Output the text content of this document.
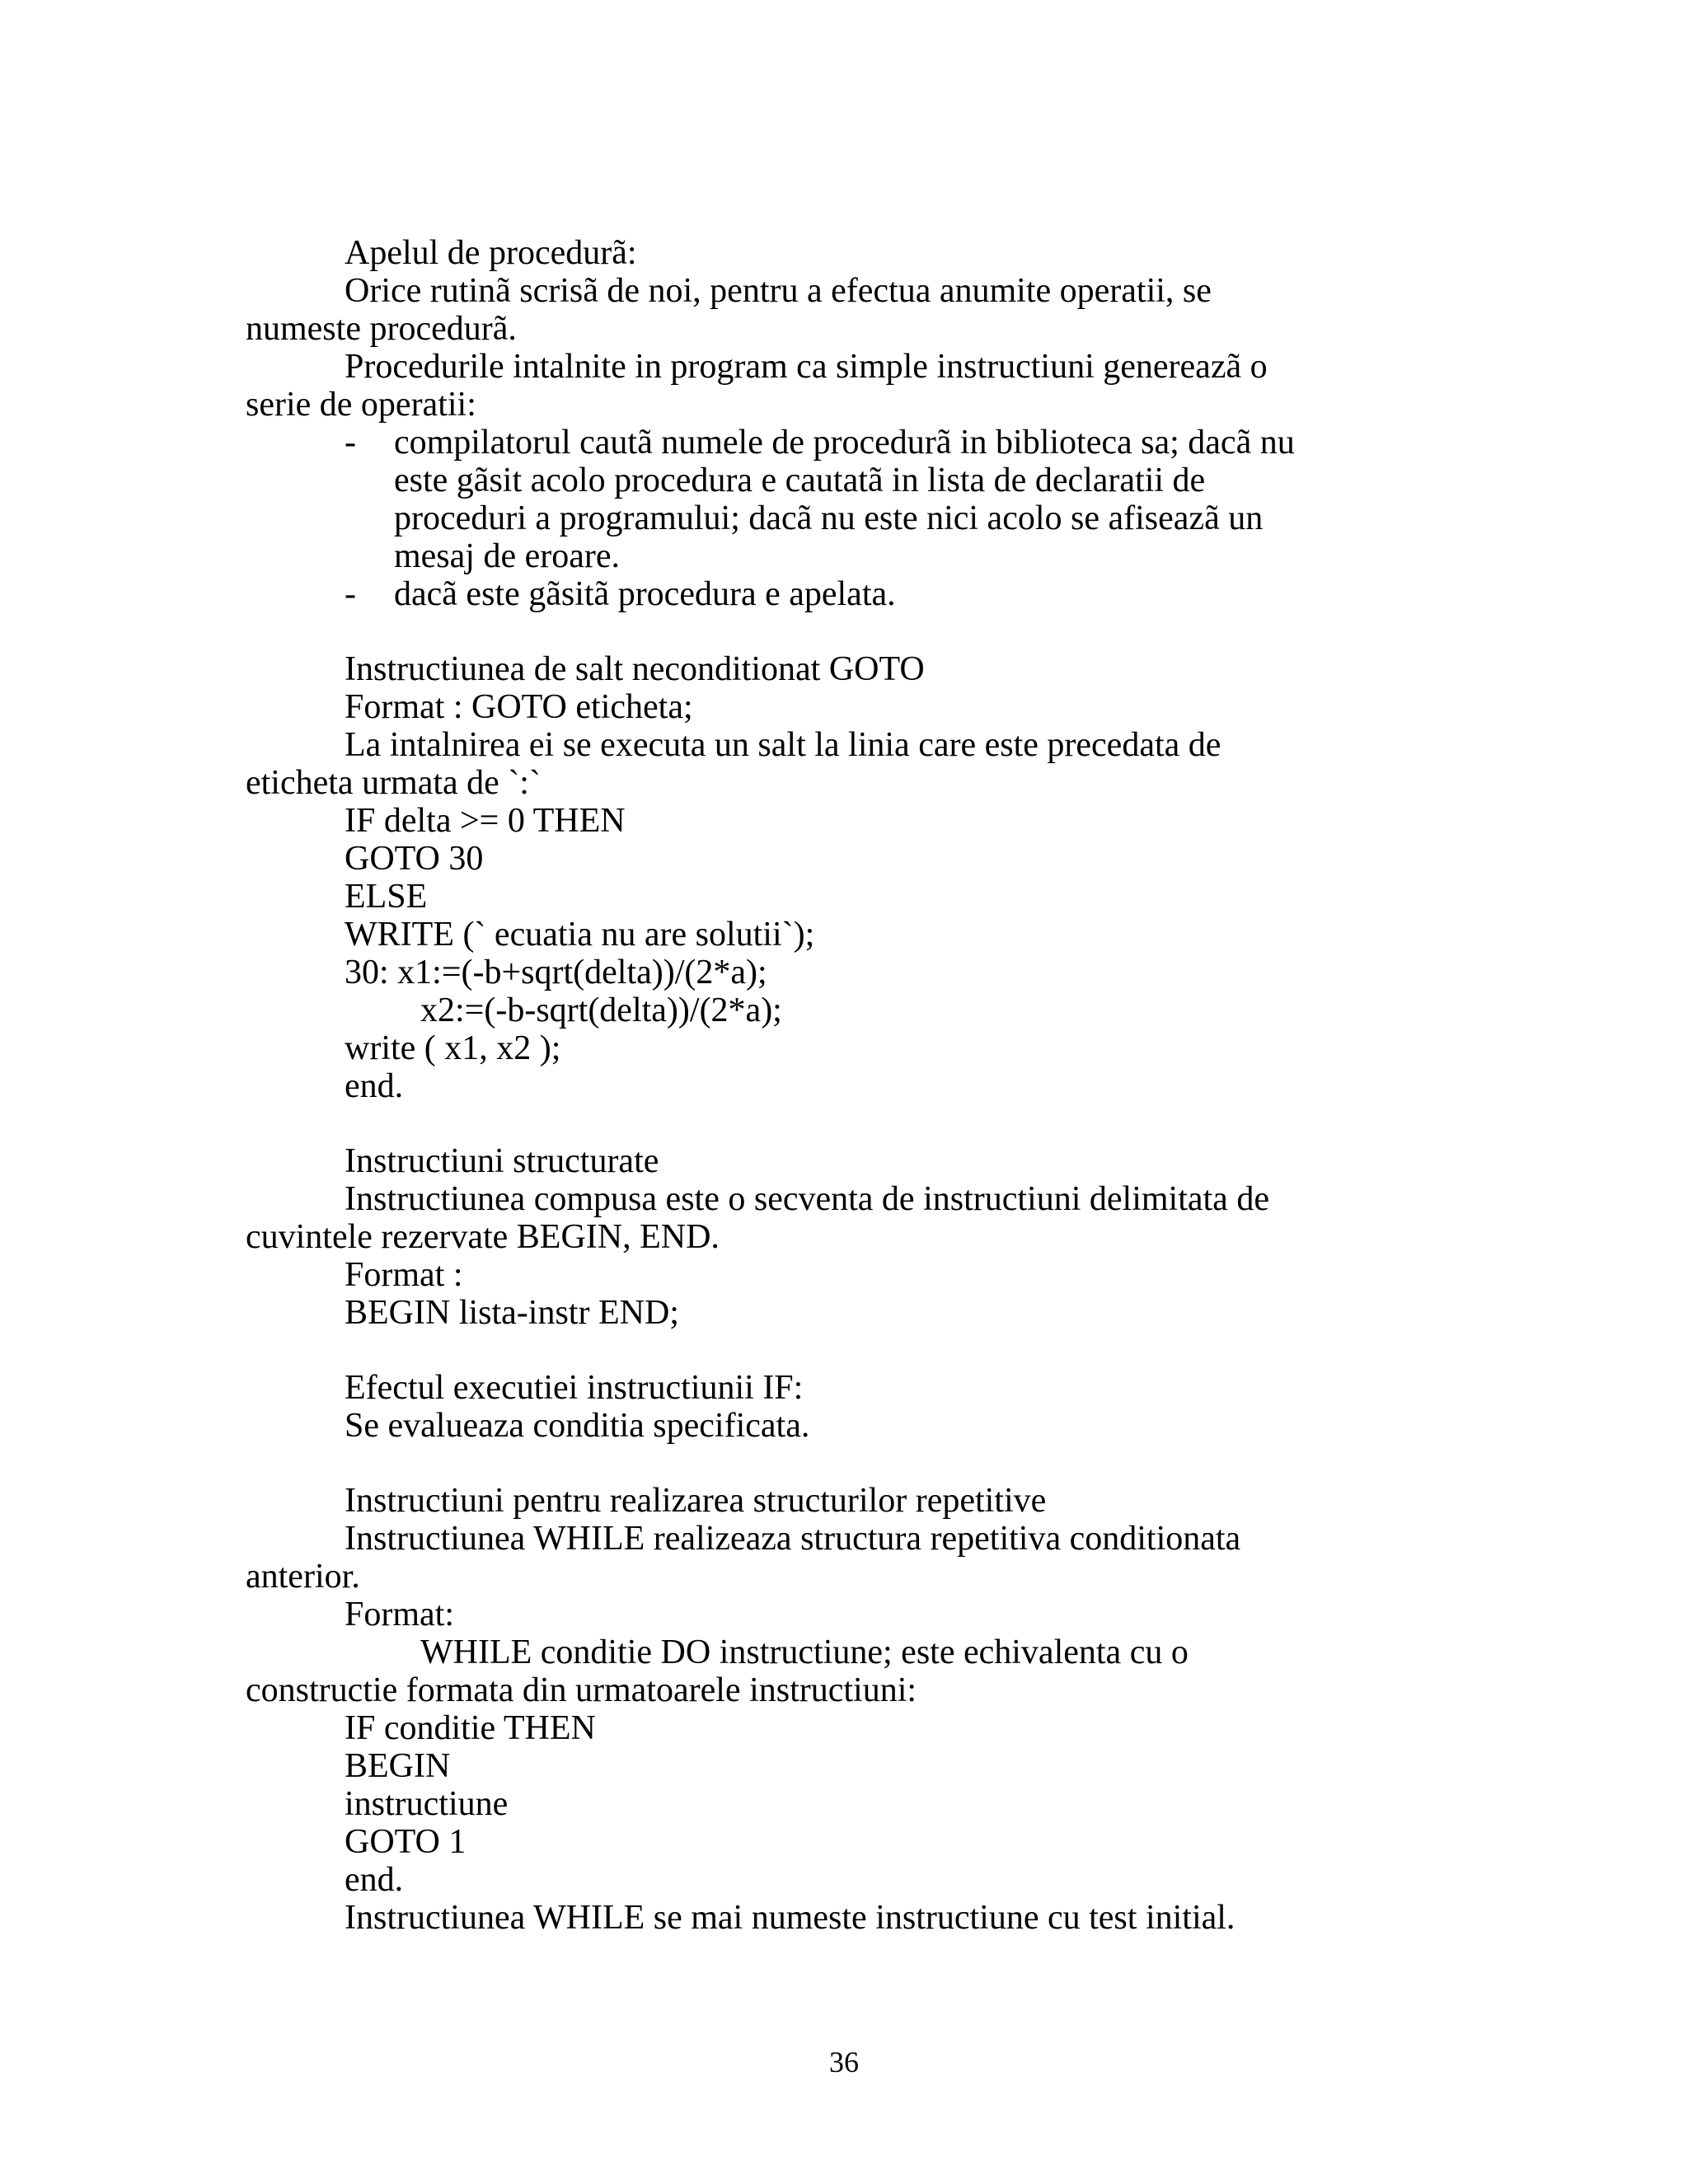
Apelul de procedurã:
Orice rutinã scrisã de noi, pentru a efectua anumite operatii, se
numeste procedurã.
Procedurile intalnite in program ca simple instructiuni genereazã o
serie de operatii:
- compilatorul cautã numele de procedurã in biblioteca sa; dacã nu
este gãsit acolo procedura e cautatã in lista de declaratii de
proceduri a programului; dacã nu este nici acolo se afiseazã un
mesaj de eroare.
- dacã este gãsitã procedura e apelata.
Instructiunea de salt neconditionat GOTO
Format : GOTO eticheta;
La intalnirea ei se executa un salt la linia care este precedata de
eticheta urmata de `:`
IF delta >= 0 THEN
GOTO 30
ELSE
WRITE (` ecuatia nu are solutii`);
30: x1:=(-b+sqrt(delta))/(2*a);
x2:=(-b-sqrt(delta))/(2*a);
write ( x1, x2 );
end.
Instructiuni structurate
Instructiunea compusa este o secventa de instructiuni delimitata de
cuvintele rezervate BEGIN, END.
Format :
BEGIN lista-instr END;
Efectul executiei instructiunii IF:
Se evalueaza conditia specificata.
Instructiuni pentru realizarea structurilor repetitive
Instructiunea WHILE realizeaza structura repetitiva conditionata
anterior.
Format:
WHILE conditie DO instructiune; este echivalenta cu o
constructie formata din urmatoarele instructiuni:
IF conditie THEN
BEGIN
instructiune
GOTO 1
end.
Instructiunea WHILE se mai numeste instructiune cu test initial.
36
